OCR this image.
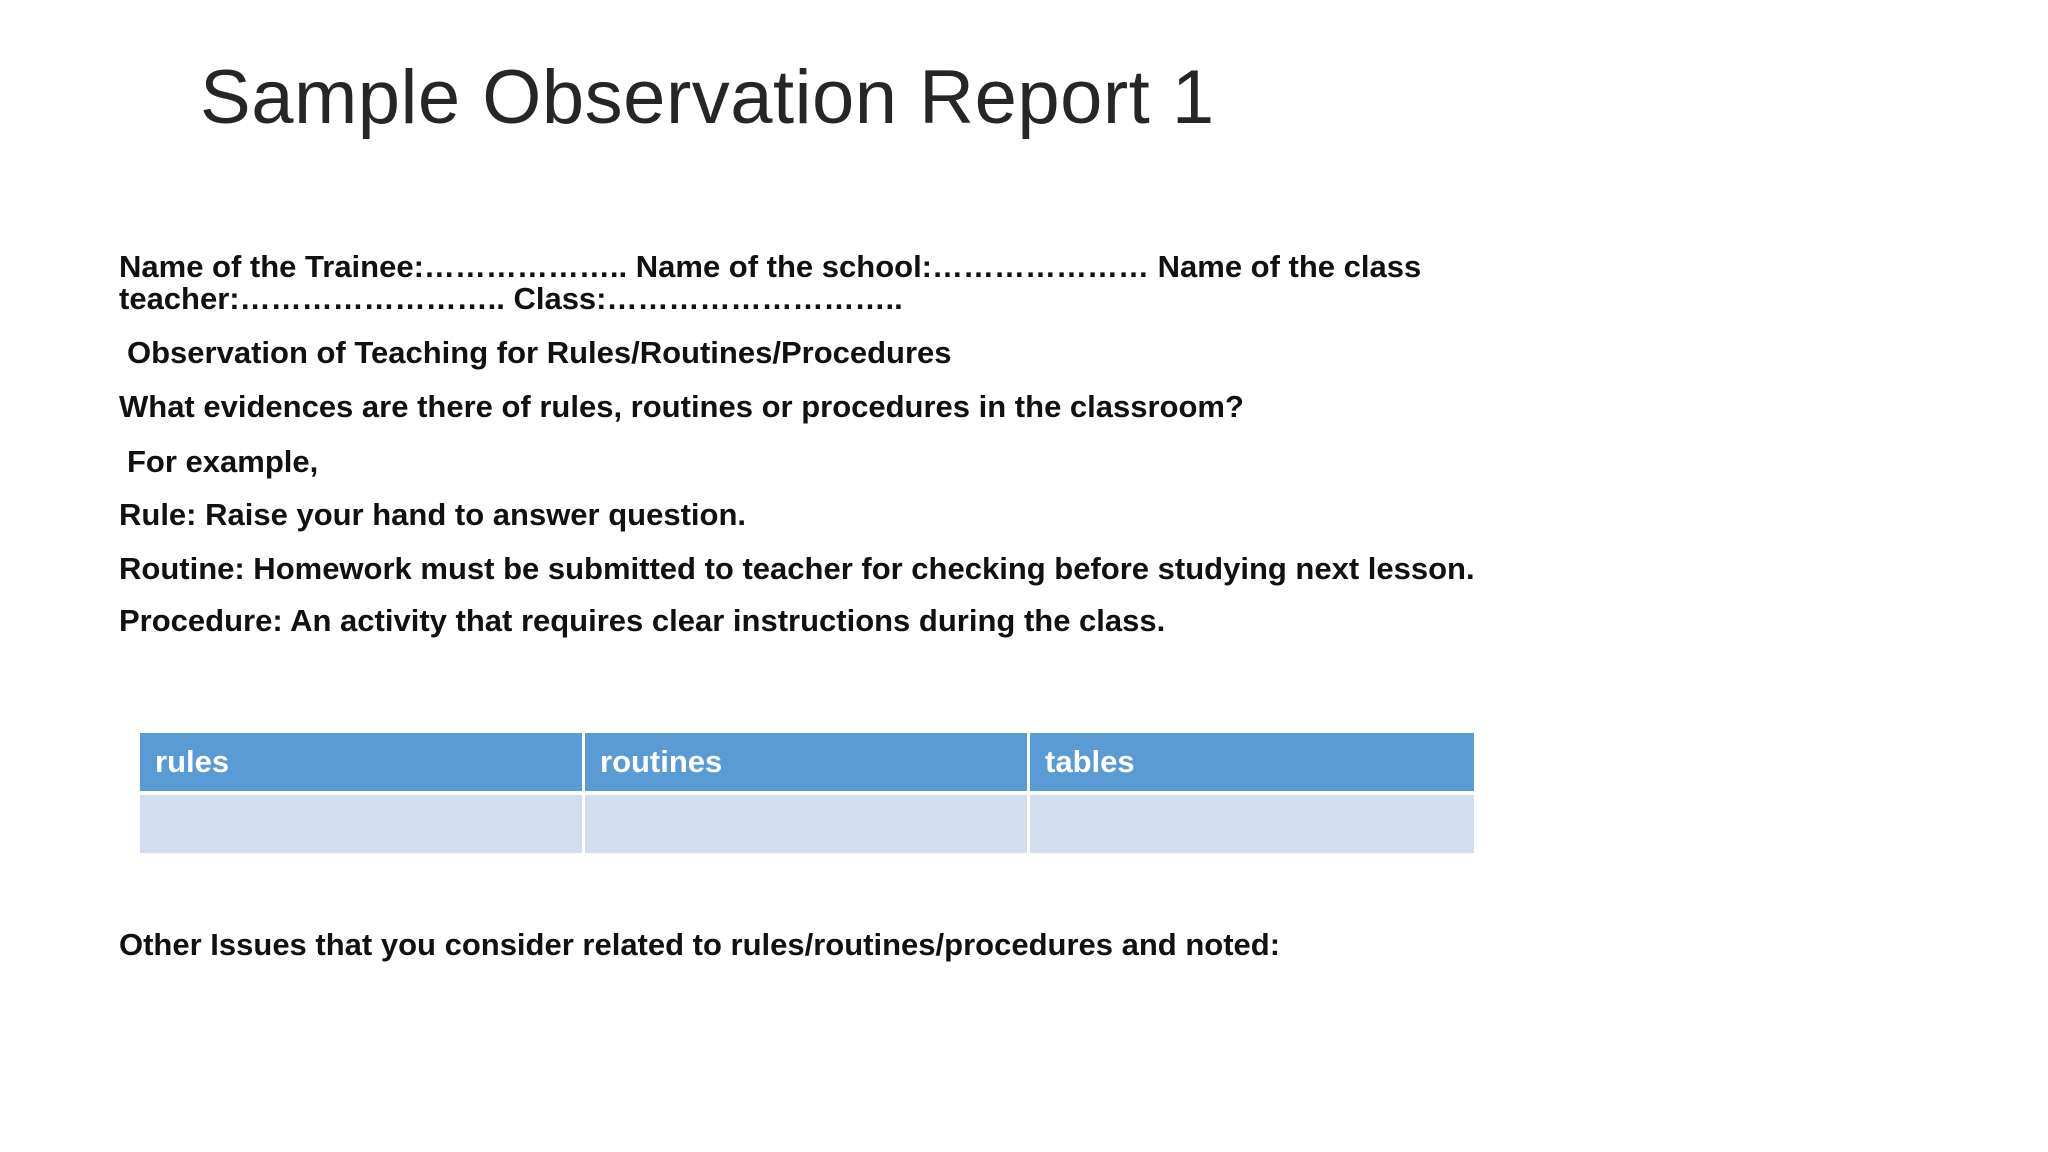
Sample Observation Report 1
Name of the Trainee:……………….. Name of the school:………………… Name of the class
teacher:…………………….. Class:………………………..
Observation of Teaching for Rules/Routines/Procedures
What evidences are there of rules, routines or procedures in the classroom?
For example,
Rule: Raise your hand to answer question.
Routine: Homework must be submitted to teacher for checking before studying next lesson.
Procedure: An activity that requires clear instructions during the class.
rules	routines	tables
Other Issues that you consider related to rules/routines/procedures and noted:
